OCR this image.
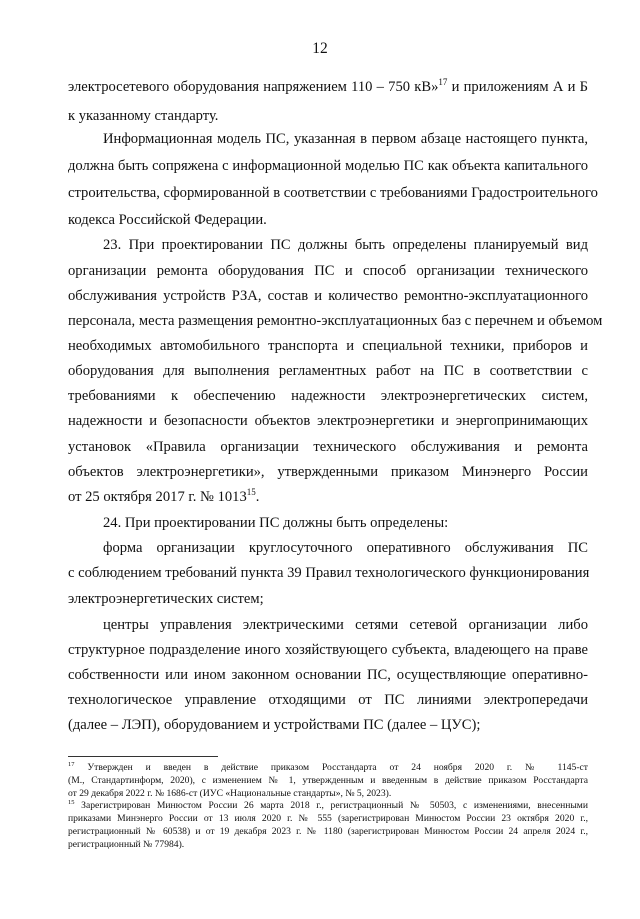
12
электросетевого оборудования напряжением 110 – 750 кВ»$^{17}$ и приложениям А и Б
к указанному стандарту.
Информационная модель ПС, указанная в первом абзаце настоящего пункта,
должна быть сопряжена с информационной моделью ПС как объекта капитального
строительства, сформированной в соответствии с требованиями Градостроительного
кодекса Российской Федерации.
23. При проектировании ПС должны быть определены планируемый вид
организации ремонта оборудования ПС и способ организации технического
обслуживания устройств РЗА, состав и количество ремонтно-эксплуатационного
персонала, места размещения ремонтно-эксплуатационных баз с перечнем и объемом
необходимых автомобильного транспорта и специальной техники, приборов и
оборудования для выполнения регламентных работ на ПС в соответствии с
требованиями к обеспечению надежности электроэнергетических систем,
надежности и безопасности объектов электроэнергетики и энергопринимающих
установок «Правила организации технического обслуживания и ремонта
объектов электроэнергетики», утвержденными приказом Минэнерго России
от 25 октября 2017 г. № 1013$^{15}$.
24. При проектировании ПС должны быть определены:
форма организации круглосуточного оперативного обслуживания ПС
с соблюдением требований пункта 39 Правил технологического функционирования
электроэнергетических систем;
центры управления электрическими сетями сетевой организации либо
структурное подразделение иного хозяйствующего субъекта, владеющего на праве
собственности или ином законном основании ПС, осуществляющие оперативно-
технологическое управление отходящими от ПС линиями электропередачи
(далее – ЛЭП), оборудованием и устройствами ПС (далее – ЦУС);
$^{17}$ Утвержден и введен в действие приказом Росстандарта от 24 ноября 2020 г. № 1145-ст
(М., Стандартинформ, 2020), с изменением № 1, утвержденным и введенным в действие приказом Росстандарта
от 29 декабря 2022 г. № 1686-ст (ИУС «Национальные стандарты», № 5, 2023).
$^{15}$ Зарегистрирован Минюстом России 26 марта 2018 г., регистрационный № 50503, с изменениями, внесенными
приказами Минэнерго России от 13 июля 2020 г. № 555 (зарегистрирован Минюстом России 23 октября 2020 г.,
регистрационный № 60538) и от 19 декабря 2023 г. № 1180 (зарегистрирован Минюстом России 24 апреля 2024 г.,
регистрационный № 77984).
